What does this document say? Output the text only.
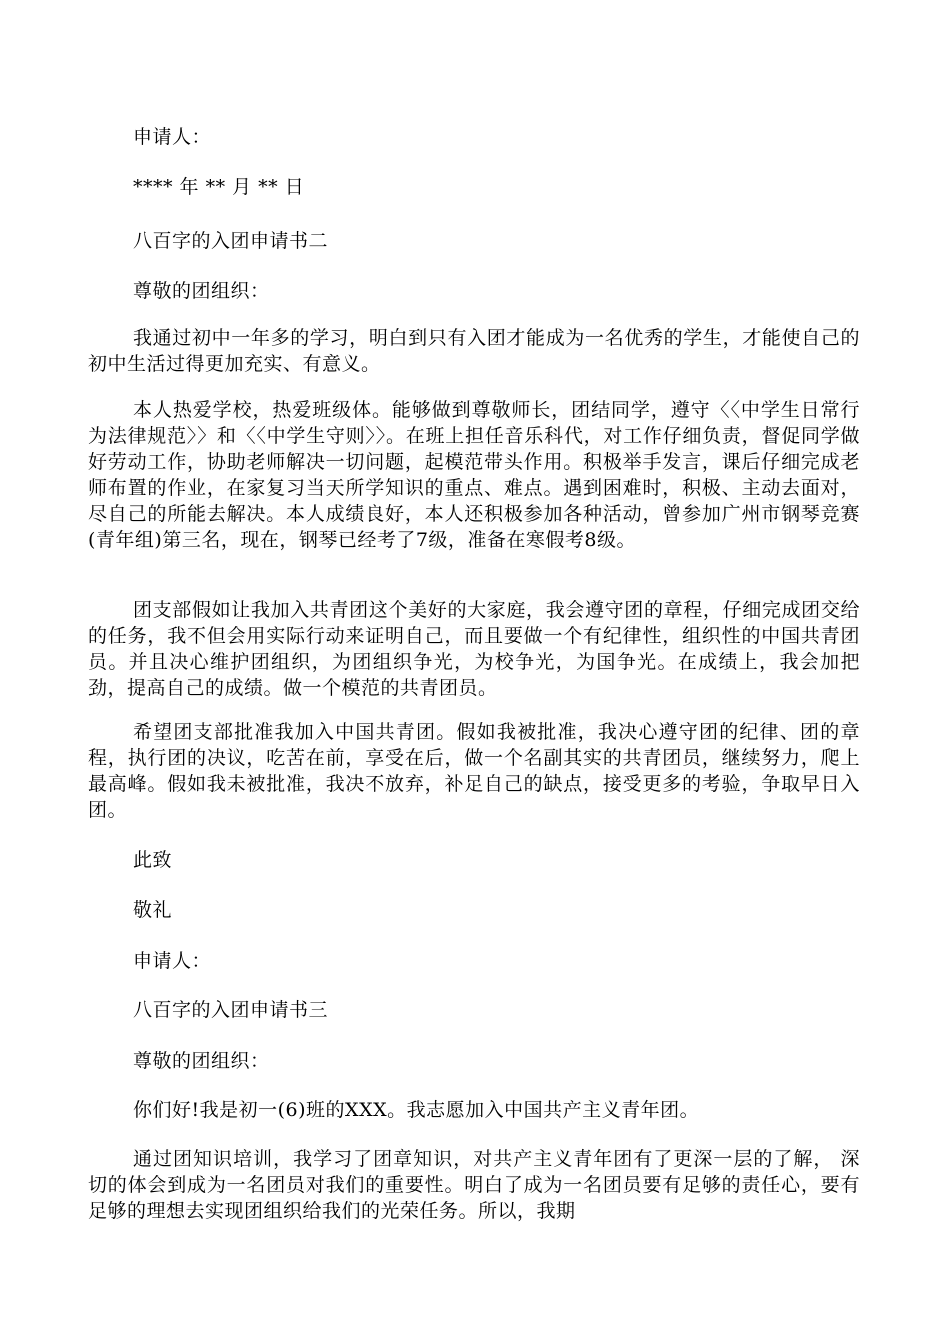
申请人：
**** 年 ** 月 ** 日
八百字的入团申请书二
尊敬的团组织：
我通过初中一年多的学习，明白到只有入团才能成为一名优秀的学生，才能使自己的初中生活过得更加充实、有意义。
本人热爱学校，热爱班级体。能够做到尊敬师长，团结同学，遵守〈〈中学生日常行为法律规范〉〉和〈〈中学生守则〉〉。在班上担任音乐科代，对工作仔细负责，督促同学做好劳动工作，协助老师解决一切问题，起模范带头作用。积极举手发言，课后仔细完成老师布置的作业，在家复习当天所学知识的重点、难点。遇到困难时，积极、主动去面对，尽自己的所能去解决。本人成绩良好，本人还积极参加各种活动，曾参加广州市钢琴竞赛(青年组)第三名，现在，钢琴已经考了7级，准备在寒假考8级。
团支部假如让我加入共青团这个美好的大家庭，我会遵守团的章程，仔细完成团交给的任务，我不但会用实际行动来证明自己，而且要做一个有纪律性，组织性的中国共青团员。并且决心维护团组织，为团组织争光，为校争光，为国争光。在成绩上，我会加把劲，提高自己的成绩。做一个模范的共青团员。
希望团支部批准我加入中国共青团。假如我被批准，我决心遵守团的纪律、团的章程，执行团的决议，吃苦在前，享受在后，做一个名副其实的共青团员，继续努力，爬上最高峰。假如我未被批准，我决不放弃，补足自己的缺点，接受更多的考验，争取早日入团。
此致
敬礼
申请人：
八百字的入团申请书三
尊敬的团组织：
你们好!我是初一(6)班的XXX。我志愿加入中国共产主义青年团。
通过团知识培训，我学习了团章知识，对共产主义青年团有了更深一层的了解， 深切的体会到成为一名团员对我们的重要性。明白了成为一名团员要有足够的责任心，要有足够的理想去实现团组织给我们的光荣任务。所以，我期
